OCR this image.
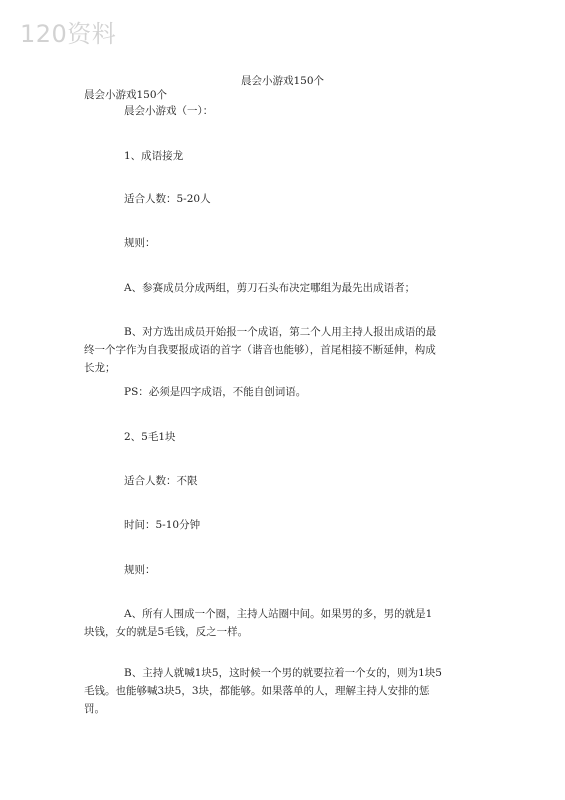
120资料
晨会小游戏150个
晨会小游戏150个
晨会小游戏（一）：
1、成语接龙
适合人数：5-20人
规则：
A、参赛成员分成两组，剪刀石头布决定哪组为最先出成语者；
B、对方选出成员开始报一个成语，第二个人用主持人报出成语的最终一个字作为自我要报成语的首字（谐音也能够），首尾相接不断延伸，构成长龙；
PS：必须是四字成语，不能自创词语。
2、5毛1块
适合人数：不限
时间：5-10分钟
规则：
A、所有人围成一个圈，主持人站圈中间。如果男的多，男的就是1块钱，女的就是5毛钱，反之一样。
B、主持人就喊1块5，这时候一个男的就要拉着一个女的，则为1块5毛钱。也能够喊3块5，3块，都能够。如果落单的人，理解主持人安排的惩罚。
